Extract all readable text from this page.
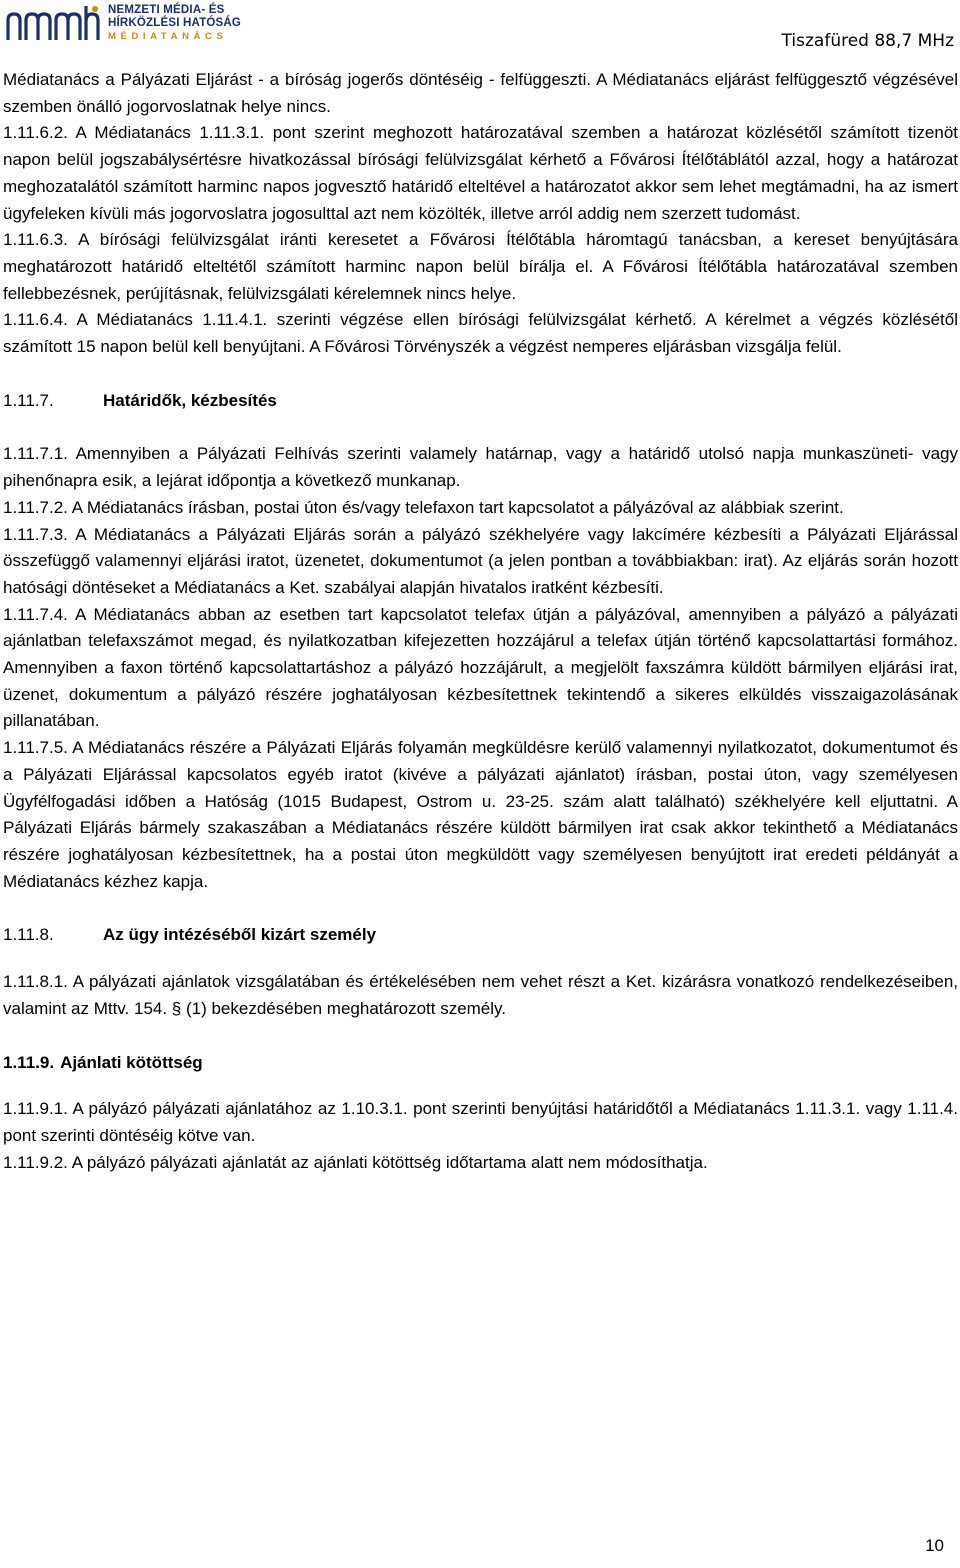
NEMZETI MÉDIA- ÉS
HÍRKÖZLÉSI HATÓSÁG
MÉDIATANÁCS	Tiszafüred 88,7 MHz

Médiatanács a Pályázati Eljárást - a bíróság jogerős döntéséig - felfüggeszti. A Médiatanács eljárást felfüggesztő végzésével szemben önálló jogorvoslatnak helye nincs.

1.11.6.2. A Médiatanács 1.11.3.1. pont szerint meghozott határozatával szemben a határozat közlésétől számított tizenöt napon belül jogszabálysértésre hivatkozással bírósági felülvizsgálat kérhető a Fővárosi Ítélőtáblától azzal, hogy a határozat meghozatalától számított harminc napos jogvesztő határidő elteltével a határozatot akkor sem lehet megtámadni, ha az ismert ügyfeleken kívüli más jogorvoslatra jogosulttal azt nem közölték, illetve arról addig nem szerzett tudomást.

1.11.6.3. A bírósági felülvizsgálat iránti keresetet a Fővárosi Ítélőtábla háromtagú tanácsban, a kereset benyújtására meghatározott határidő elteltétől számított harminc napon belül bírálja el. A Fővárosi Ítélőtábla határozatával szemben fellebbezésnek, perújításnak, felülvizsgálati kérelemnek nincs helye.

1.11.6.4. A Médiatanács 1.11.4.1. szerinti végzése ellen bírósági felülvizsgálat kérhető. A kérelmet a végzés közlésétől számított 15 napon belül kell benyújtani. A Fővárosi Törvényszék a végzést nemperes eljárásban vizsgálja felül.

1.11.7.	Határidők, kézbesítés

1.11.7.1. Amennyiben a Pályázati Felhívás szerinti valamely határnap, vagy a határidő utolsó napja munkaszüneti- vagy pihenőnapra esik, a lejárat időpontja a következő munkanap.

1.11.7.2. A Médiatanács írásban, postai úton és/vagy telefaxon tart kapcsolatot a pályázóval az alábbiak szerint.

1.11.7.3. A Médiatanács a Pályázati Eljárás során a pályázó székhelyére vagy lakcímére kézbesíti a Pályázati Eljárással összefüggő valamennyi eljárási iratot, üzenetet, dokumentumot (a jelen pontban a továbbiakban: irat). Az eljárás során hozott hatósági döntéseket a Médiatanács a Ket. szabályai alapján hivatalos iratként kézbesíti.

1.11.7.4. A Médiatanács abban az esetben tart kapcsolatot telefax útján a pályázóval, amennyiben a pályázó a pályázati ajánlatban telefaxszámot megad, és nyilatkozatban kifejezetten hozzájárul a telefax útján történő kapcsolattartási formához. Amennyiben a faxon történő kapcsolattartáshoz a pályázó hozzájárult, a megjelölt faxszámra küldött bármilyen eljárási irat, üzenet, dokumentum a pályázó részére joghatályosan kézbesítettnek tekintendő a sikeres elküldés visszaigazolásának pillanatában.

1.11.7.5. A Médiatanács részére a Pályázati Eljárás folyamán megküldésre kerülő valamennyi nyilatkozatot, dokumentumot és a Pályázati Eljárással kapcsolatos egyéb iratot (kivéve a pályázati ajánlatot) írásban, postai úton, vagy személyesen Ügyfélfogadási időben a Hatóság (1015 Budapest, Ostrom u. 23-25. szám alatt található) székhelyére kell eljuttatni. A Pályázati Eljárás bármely szakaszában a Médiatanács részére küldött bármilyen irat csak akkor tekinthető a Médiatanács részére joghatályosan kézbesítettnek, ha a postai úton megküldött vagy személyesen benyújtott irat eredeti példányát a Médiatanács kézhez kapja.

1.11.8.	Az ügy intézéséből kizárt személy

1.11.8.1. A pályázati ajánlatok vizsgálatában és értékelésében nem vehet részt a Ket. kizárásra vonatkozó rendelkezéseiben, valamint az Mttv. 154. § (1) bekezdésében meghatározott személy.

1.11.9. Ajánlati kötöttség

1.11.9.1. A pályázó pályázati ajánlatához az 1.10.3.1. pont szerinti benyújtási határidőtől a Médiatanács 1.11.3.1. vagy 1.11.4. pont szerinti döntéséig kötve van.

1.11.9.2. A pályázó pályázati ajánlatát az ajánlati kötöttség időtartama alatt nem módosíthatja.

10
